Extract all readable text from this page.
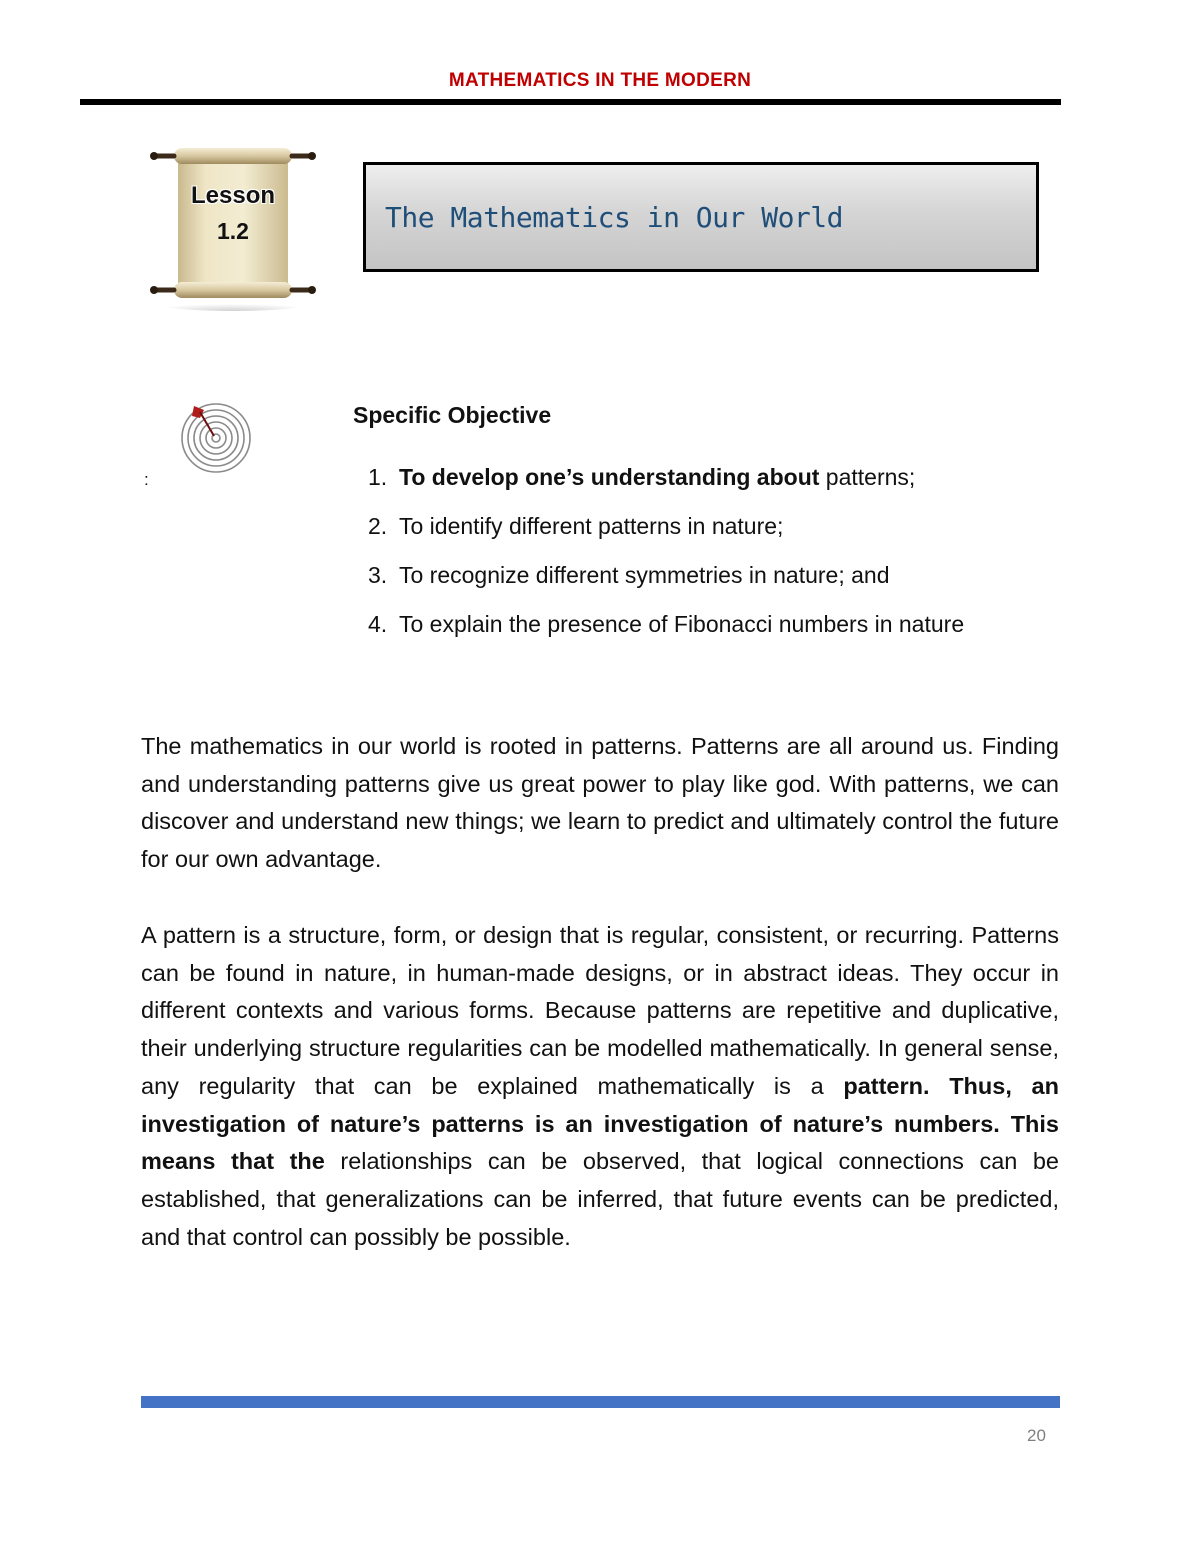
MATHEMATICS IN THE MODERN
Lesson
1.2	The Mathematics in Our World
:
Specific Objective
1. To develop one’s understanding about patterns;
2. To identify different patterns in nature;
3. To recognize different symmetries in nature; and
4. To explain the presence of Fibonacci numbers in nature

The mathematics in our world is rooted in patterns. Patterns are all around us. Finding and understanding patterns give us great power to play like god. With patterns, we can discover and understand new things; we learn to predict and ultimately control the future for our own advantage.

A pattern is a structure, form, or design that is regular, consistent, or recurring. Patterns can be found in nature, in human-made designs, or in abstract ideas. They occur in different contexts and various forms. Because patterns are repetitive and duplicative, their underlying structure regularities can be modelled mathematically. In general sense, any regularity that can be explained mathematically is a pattern. Thus, an investigation of nature’s patterns is an investigation of nature’s numbers. This means that the relationships can be observed, that logical connections can be established, that generalizations can be inferred, that future events can be predicted, and that control can possibly be possible.

20
